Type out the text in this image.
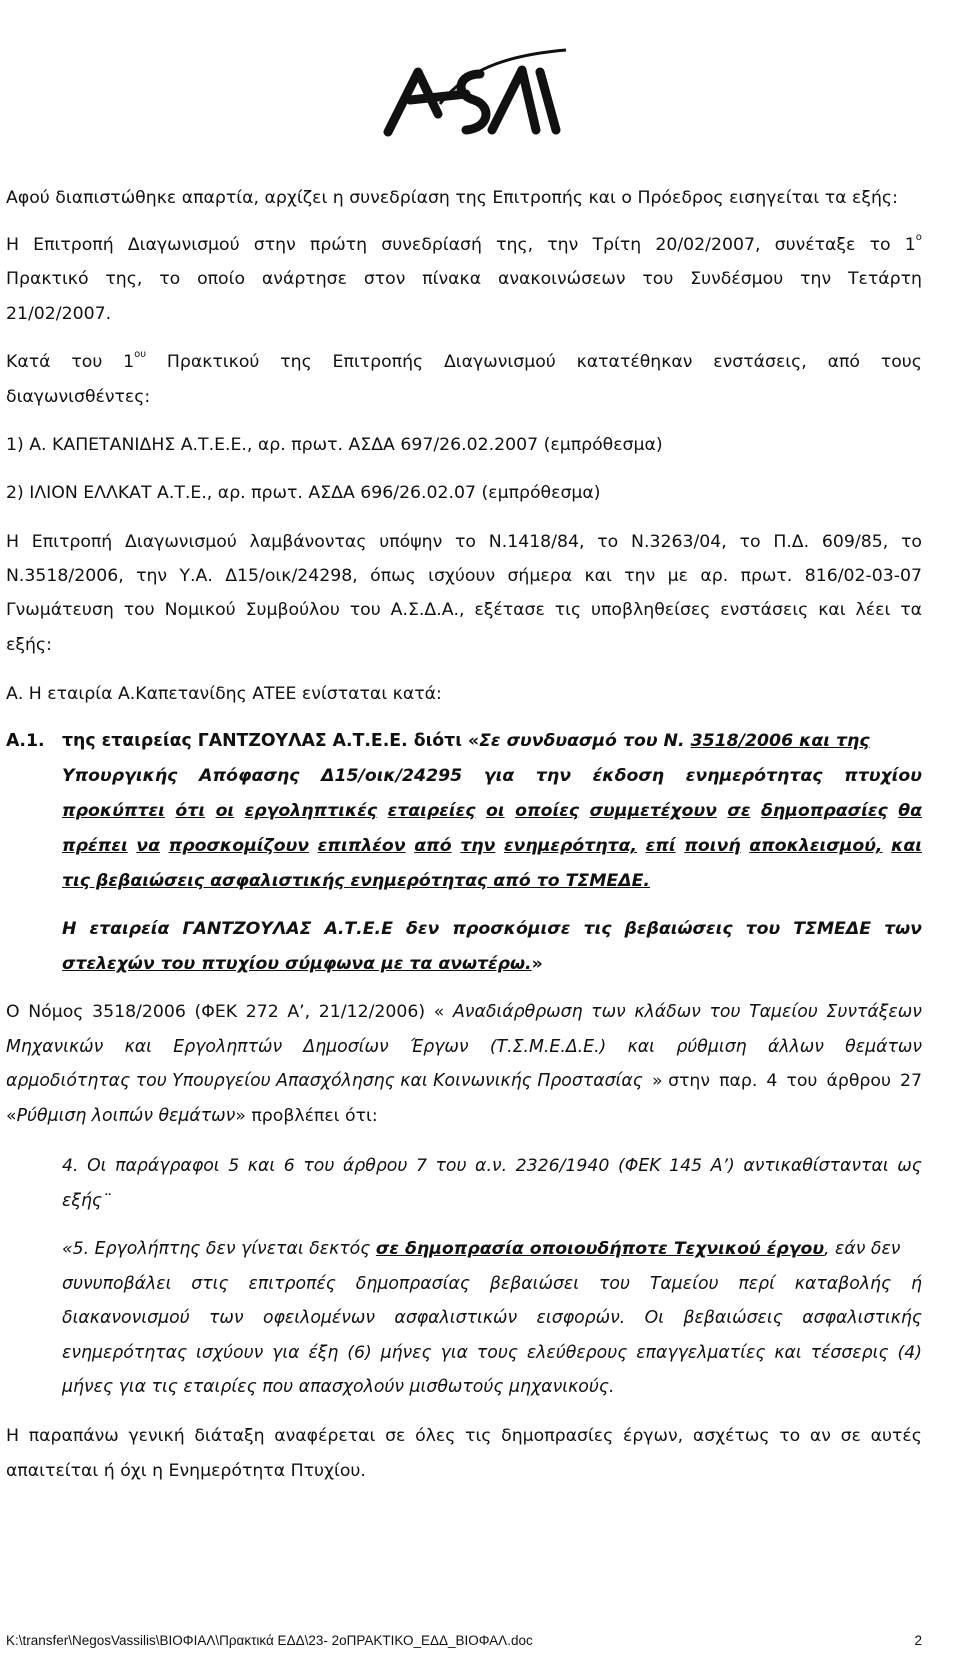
Αφού διαπιστώθηκε απαρτία, αρχίζει η συνεδρίαση της Επιτροπής και ο Πρόεδρος εισηγείται τα εξής:
Η Επιτροπή Διαγωνισμού στην πρώτη συνεδρίασή της, την Τρίτη 20/02/2007, συνέταξε το $1^o$
Πρακτικό της, το οποίο ανάρτησε στον πίνακα ανακοινώσεων του Συνδέσμου την Τετάρτη
21/02/2007.
Κατά του $1^{o\upsilon}$ Πρακτικού της Επιτροπής Διαγωνισμού κατατέθηκαν ενστάσεις, από τους
διαγωνισθέντες:
1) Α. ΚΑΠΕΤΑΝΙΔΗΣ Α.Τ.Ε.Ε., αρ. πρωτ. ΑΣΔΑ 697/26.02.2007 (εμπρόθεσμα)
2) ΙΛΙΟΝ ΕΛΛΚΑΤ Α.Τ.Ε., αρ. πρωτ. ΑΣΔΑ 696/26.02.07 (εμπρόθεσμα)
Η Επιτροπή Διαγωνισμού λαμβάνοντας υπόψην το Ν.1418/84, το Ν.3263/04, το Π.Δ. 609/85, το
Ν.3518/2006, την Υ.Α. Δ15/οικ/24298, όπως ισχύουν σήμερα και την με αρ. πρωτ. 816/02-03-07
Γνωμάτευση του Νομικού Συμβούλου του Α.Σ.Δ.Α., εξέτασε τις υποβληθείσες ενστάσεις και λέει τα
εξής:
Α. Η εταιρία Α.Καπετανίδης ΑΤΕΕ ενίσταται κατά:
Α.1. της εταιρείας ΓΑΝΤΖΟΥΛΑΣ Α.Τ.Ε.Ε. διότι «Σε συνδυασμό του Ν. 3518/2006 και της
Υπουργικής Απόφασης Δ15/οικ/24295 για την έκδοση ενημερότητας πτυχίου
προκύπτει ότι οι εργοληπτικές εταιρείες οι οποίες συμμετέχουν σε δημοπρασίες θα
πρέπει να προσκομίζουν επιπλέον από την ενημερότητα, επί ποινή αποκλεισμού, και
τις βεβαιώσεις ασφαλιστικής ενημερότητας από το ΤΣΜΕΔΕ.
Η εταιρεία ΓΑΝΤΖΟΥΛΑΣ Α.Τ.Ε.Ε δεν προσκόμισε τις βεβαιώσεις του ΤΣΜΕΔΕ των
στελεχών του πτυχίου σύμφωνα με τα ανωτέρω.»
Ο Νόμος 3518/2006 (ΦΕΚ 272 Α’, 21/12/2006) « Αναδιάρθρωση των κλάδων του Ταμείου Συντάξεων
Μηχανικών και Εργοληπτών Δημοσίων Έργων (Τ.Σ.Μ.Ε.Δ.Ε.) και ρύθμιση άλλων θεμάτων
αρμοδιότητας του Υπουργείου Απασχόλησης και Κοινωνικής Προστασίας » στην παρ. 4 του άρθρου 27
«Ρύθμιση λοιπών θεμάτων» προβλέπει ότι:
4. Οι παράγραφοι 5 και 6 του άρθρου 7 του α.ν. 2326/1940 (ΦΕΚ 145 Α’) αντικαθίστανται ως
εξής¨
«5. Εργολήπτης δεν γίνεται δεκτός σε δημοπρασία οποιουδήποτε Τεχνικού έργου, εάν δεν
συνυποβάλει στις επιτροπές δημοπρασίας βεβαιώσει του Ταμείου περί καταβολής ή
διακανονισμού των οφειλομένων ασφαλιστικών εισφορών. Οι βεβαιώσεις ασφαλιστικής
ενημερότητας ισχύουν για έξη (6) μήνες για τους ελεύθερους επαγγελματίες και τέσσερις (4)
μήνες για τις εταιρίες που απασχολούν μισθωτούς μηχανικούς.
Η παραπάνω γενική διάταξη αναφέρεται σε όλες τις δημοπρασίες έργων, ασχέτως το αν σε αυτές
απαιτείται ή όχι η Ενημερότητα Πτυχίου.
K:\transfer\NegosVassilis\ΒΙΟΦΙΑΛ\Πρακτικά ΕΔΔ\23- 2οΠΡΑΚΤΙΚΟ_ΕΔΔ_ΒΙΟΦΑΛ.doc	2
